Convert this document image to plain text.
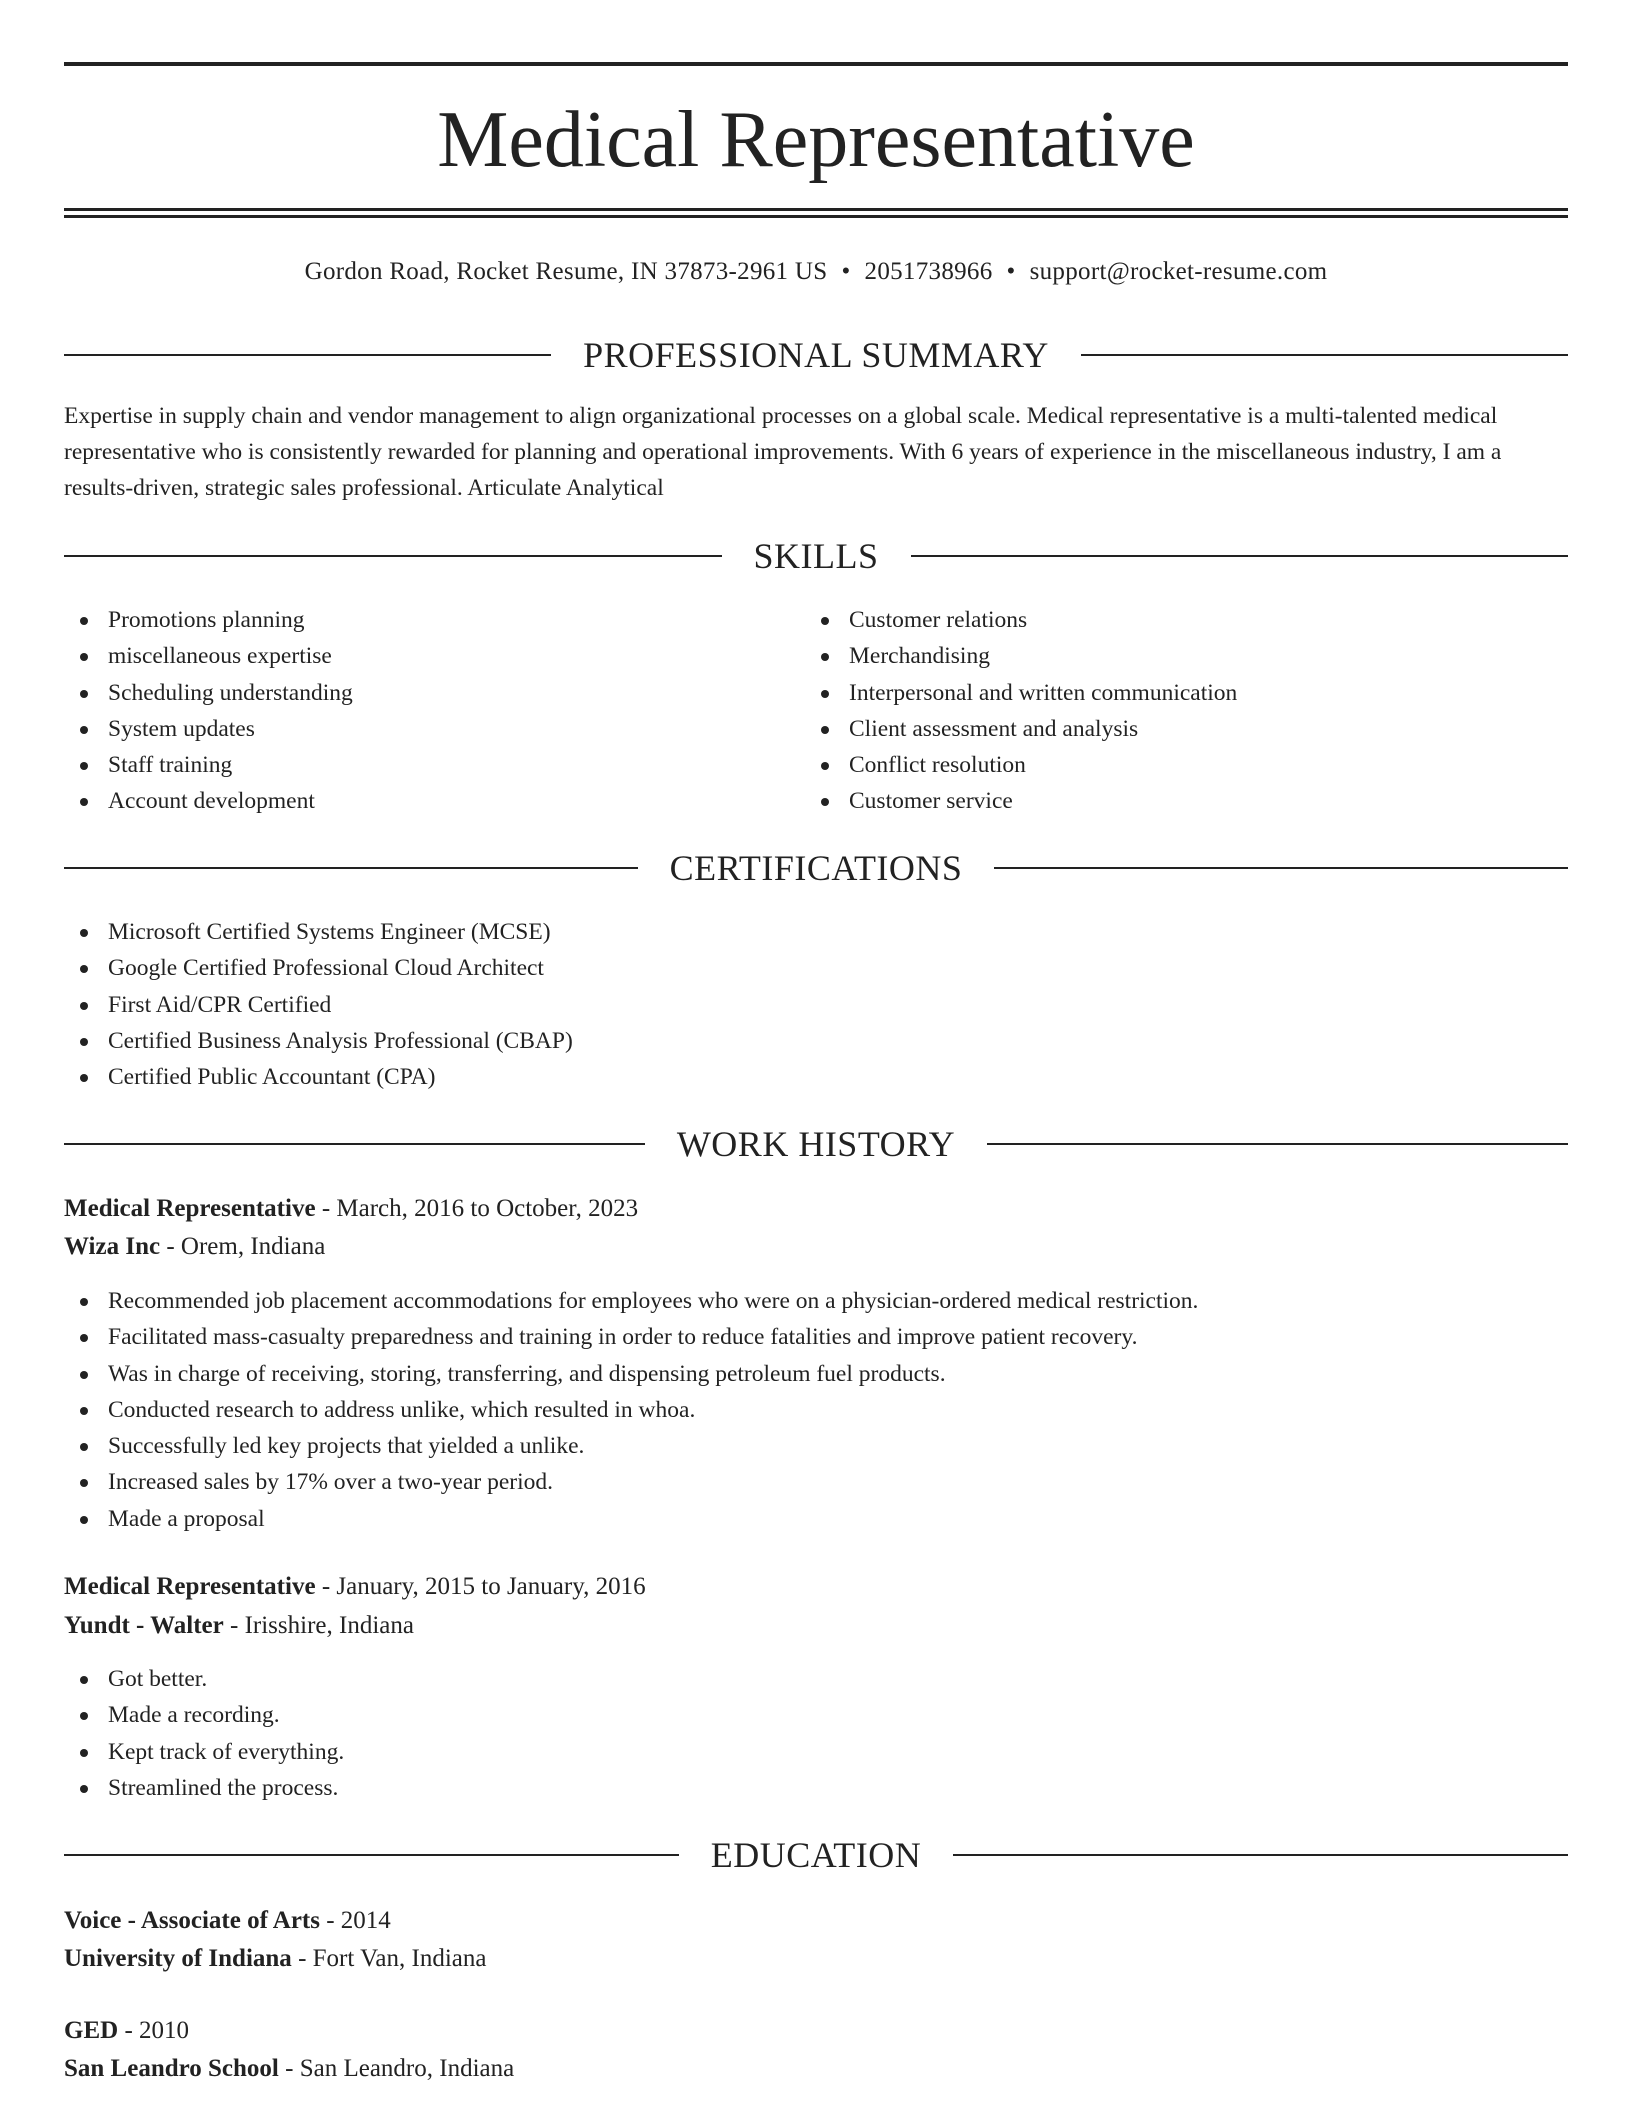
Medical Representative
Gordon Road, Rocket Resume, IN 37873-2961 US • 2051738966 • support@rocket-resume.com
PROFESSIONAL SUMMARY
Expertise in supply chain and vendor management to align organizational processes on a global scale. Medical representative is a multi-talented medical representative who is consistently rewarded for planning and operational improvements. With 6 years of experience in the miscellaneous industry, I am a results-driven, strategic sales professional. Articulate Analytical
SKILLS
Promotions planning
miscellaneous expertise
Scheduling understanding
System updates
Staff training
Account development
Customer relations
Merchandising
Interpersonal and written communication
Client assessment and analysis
Conflict resolution
Customer service
CERTIFICATIONS
Microsoft Certified Systems Engineer (MCSE)
Google Certified Professional Cloud Architect
First Aid/CPR Certified
Certified Business Analysis Professional (CBAP)
Certified Public Accountant (CPA)
WORK HISTORY
Medical Representative - March, 2016 to October, 2023
Wiza Inc - Orem, Indiana
Recommended job placement accommodations for employees who were on a physician-ordered medical restriction.
Facilitated mass-casualty preparedness and training in order to reduce fatalities and improve patient recovery.
Was in charge of receiving, storing, transferring, and dispensing petroleum fuel products.
Conducted research to address unlike, which resulted in whoa.
Successfully led key projects that yielded a unlike.
Increased sales by 17% over a two-year period.
Made a proposal
Medical Representative - January, 2015 to January, 2016
Yundt - Walter - Irisshire, Indiana
Got better.
Made a recording.
Kept track of everything.
Streamlined the process.
EDUCATION
Voice - Associate of Arts - 2014
University of Indiana - Fort Van, Indiana
GED - 2010
San Leandro School - San Leandro, Indiana
